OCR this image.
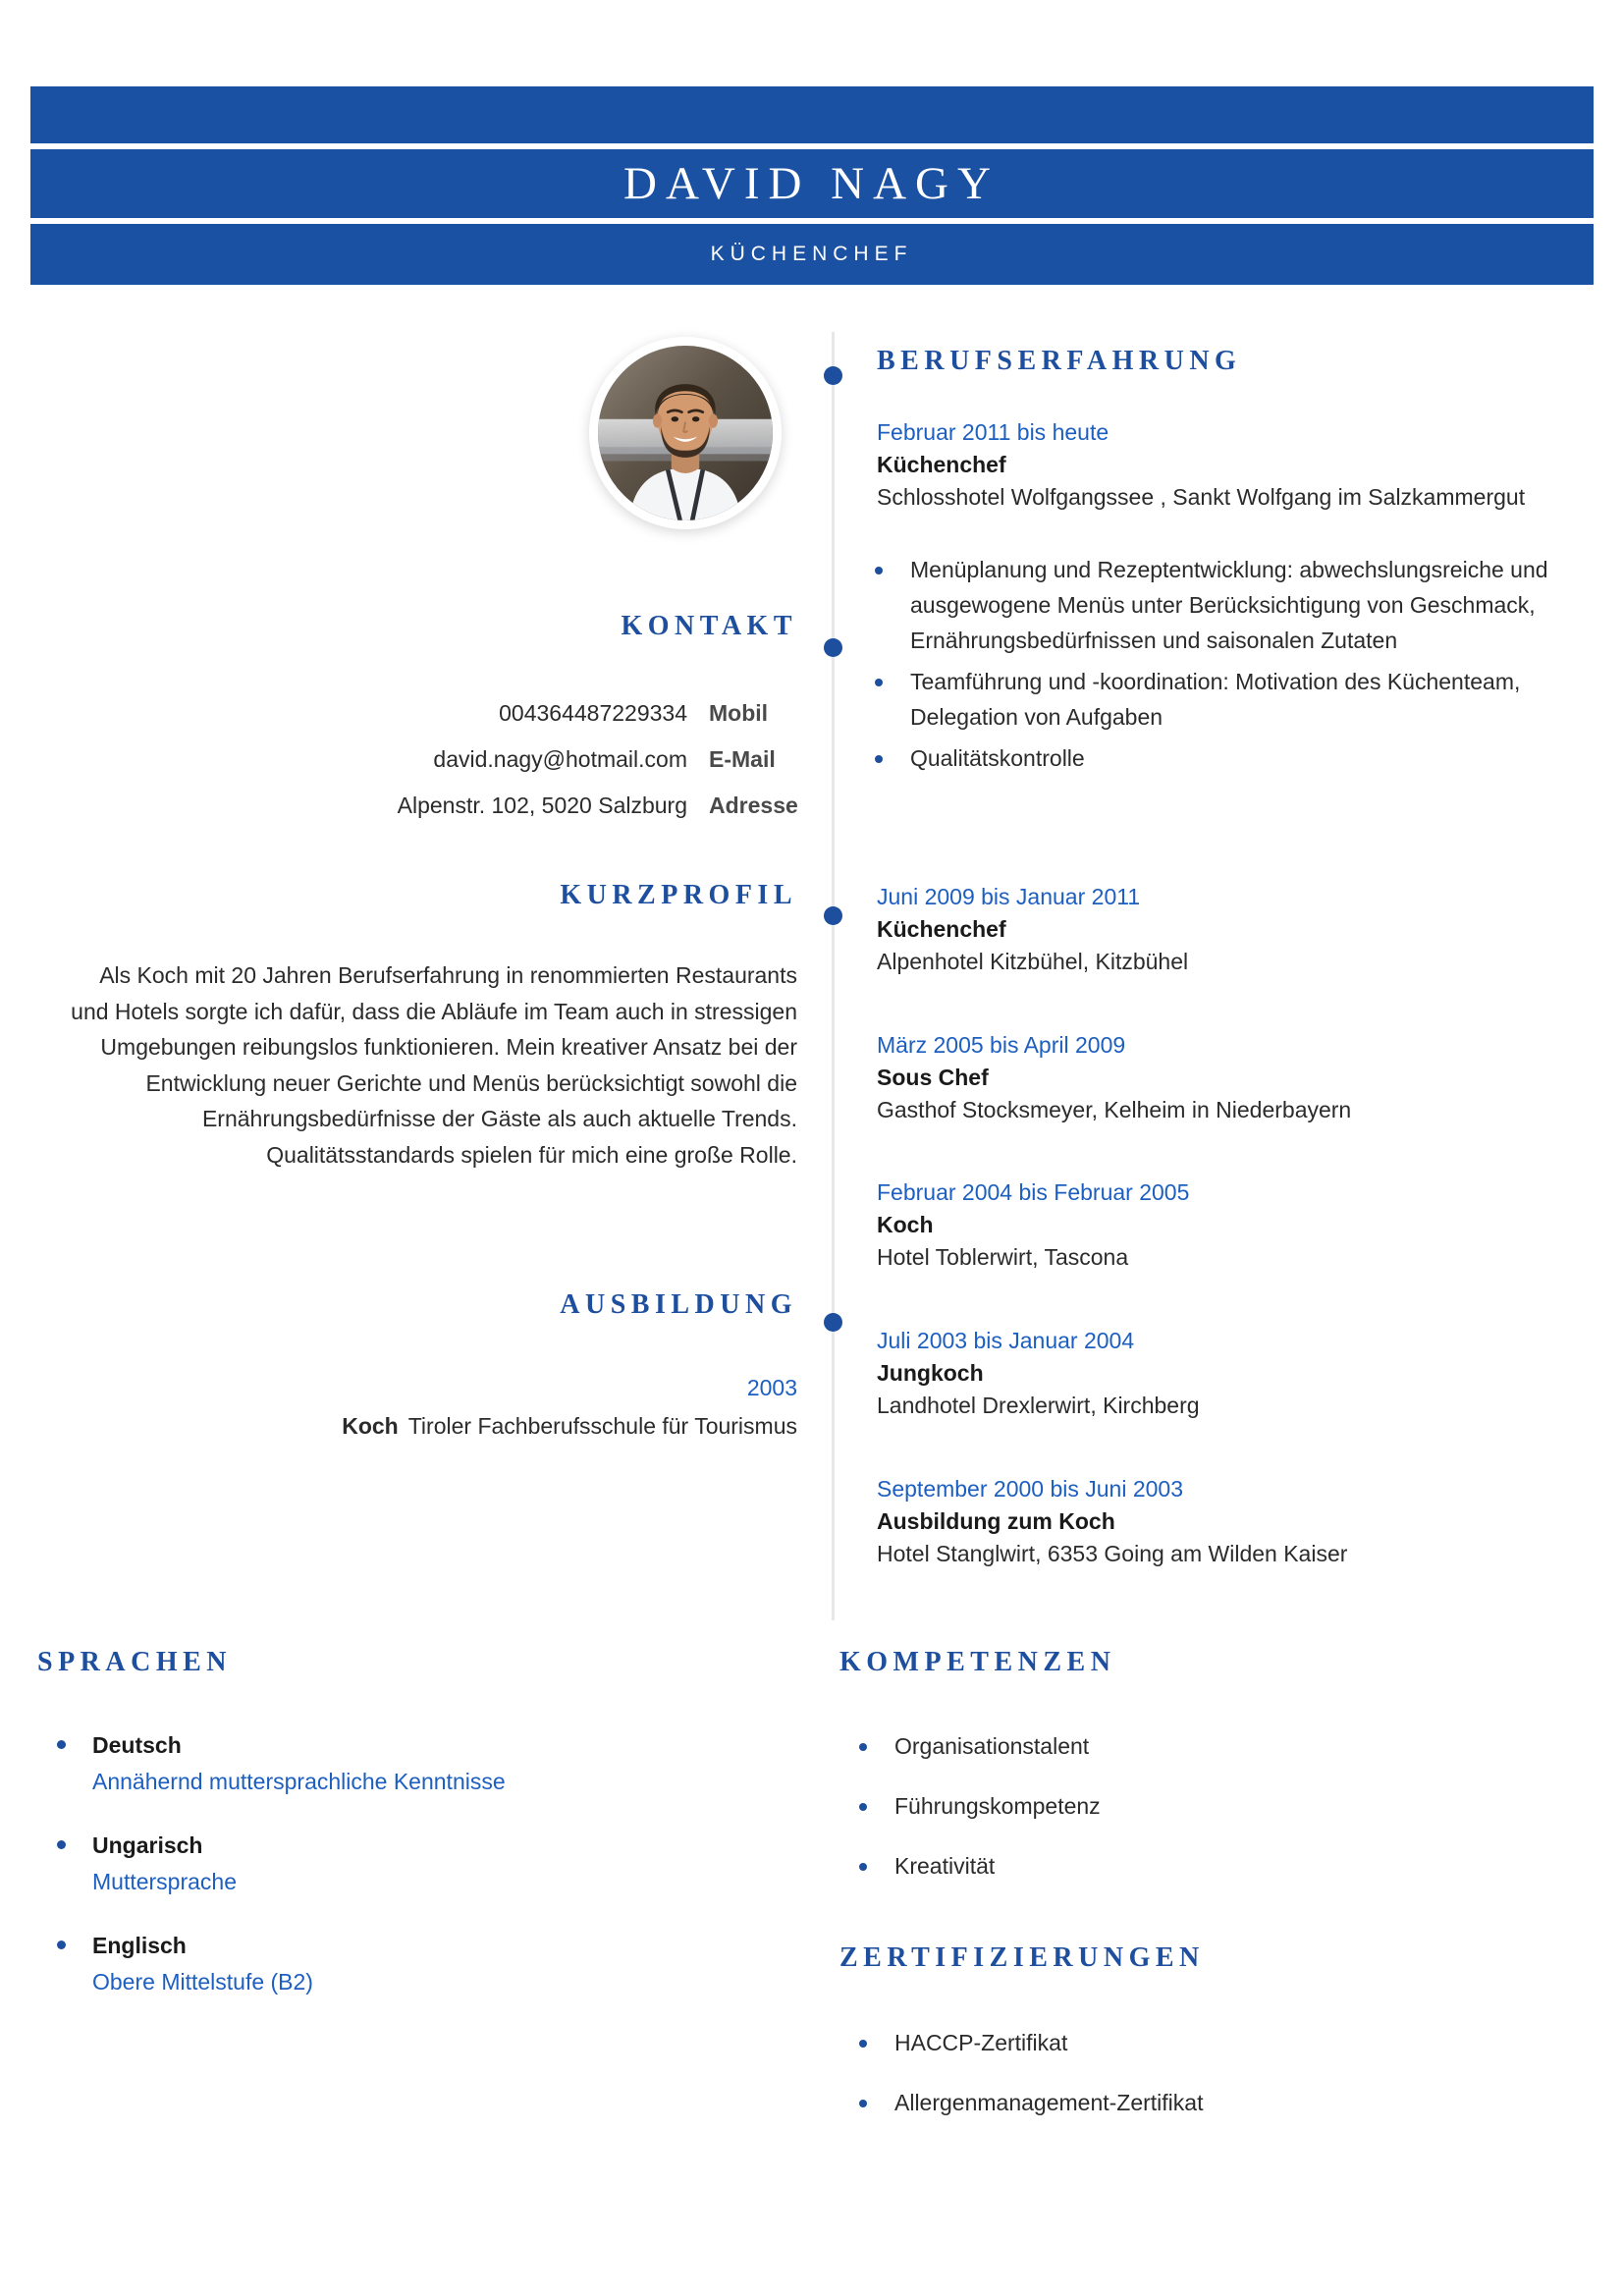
DAVID NAGY
KÜCHENCHEF
KONTAKT
004364487229334 Mobil
david.nagy@hotmail.com E-Mail
Alpenstr. 102, 5020 Salzburg Adresse
KURZPROFIL
Als Koch mit 20 Jahren Berufserfahrung in renommierten Restaurants und Hotels sorgte ich dafür, dass die Abläufe im Team auch in stressigen Umgebungen reibungslos funktionieren. Mein kreativer Ansatz bei der Entwicklung neuer Gerichte und Menüs berücksichtigt sowohl die Ernährungsbedürfnisse der Gäste als auch aktuelle Trends. Qualitätsstandards spielen für mich eine große Rolle.
AUSBILDUNG
2003
Koch Tiroler Fachberufsschule für Tourismus
BERUFSERFAHRUNG
Februar 2011 bis heute
Küchenchef
Schlosshotel Wolfgangssee , Sankt Wolfgang im Salzkammergut
Menüplanung und Rezeptentwicklung: abwechslungsreiche und ausgewogene Menüs unter Berücksichtigung von Geschmack, Ernährungsbedürfnissen und saisonalen Zutaten
Teamführung und -koordination: Motivation des Küchenteam, Delegation von Aufgaben
Qualitätskontrolle
Juni 2009 bis Januar 2011
Küchenchef
Alpenhotel Kitzbühel, Kitzbühel
März 2005 bis April 2009
Sous Chef
Gasthof Stocksmeyer, Kelheim in Niederbayern
Februar 2004 bis Februar 2005
Koch
Hotel Toblerwirt, Tascona
Juli 2003 bis Januar 2004
Jungkoch
Landhotel Drexlerwirt, Kirchberg
September 2000 bis Juni 2003
Ausbildung zum Koch
Hotel Stanglwirt, 6353 Going am Wilden Kaiser
SPRACHEN
Deutsch
Annähernd muttersprachliche Kenntnisse
Ungarisch
Muttersprache
Englisch
Obere Mittelstufe (B2)
KOMPETENZEN
Organisationstalent
Führungskompetenz
Kreativität
ZERTIFIZIERUNGEN
HACCP-Zertifikat
Allergenmanagement-Zertifikat
